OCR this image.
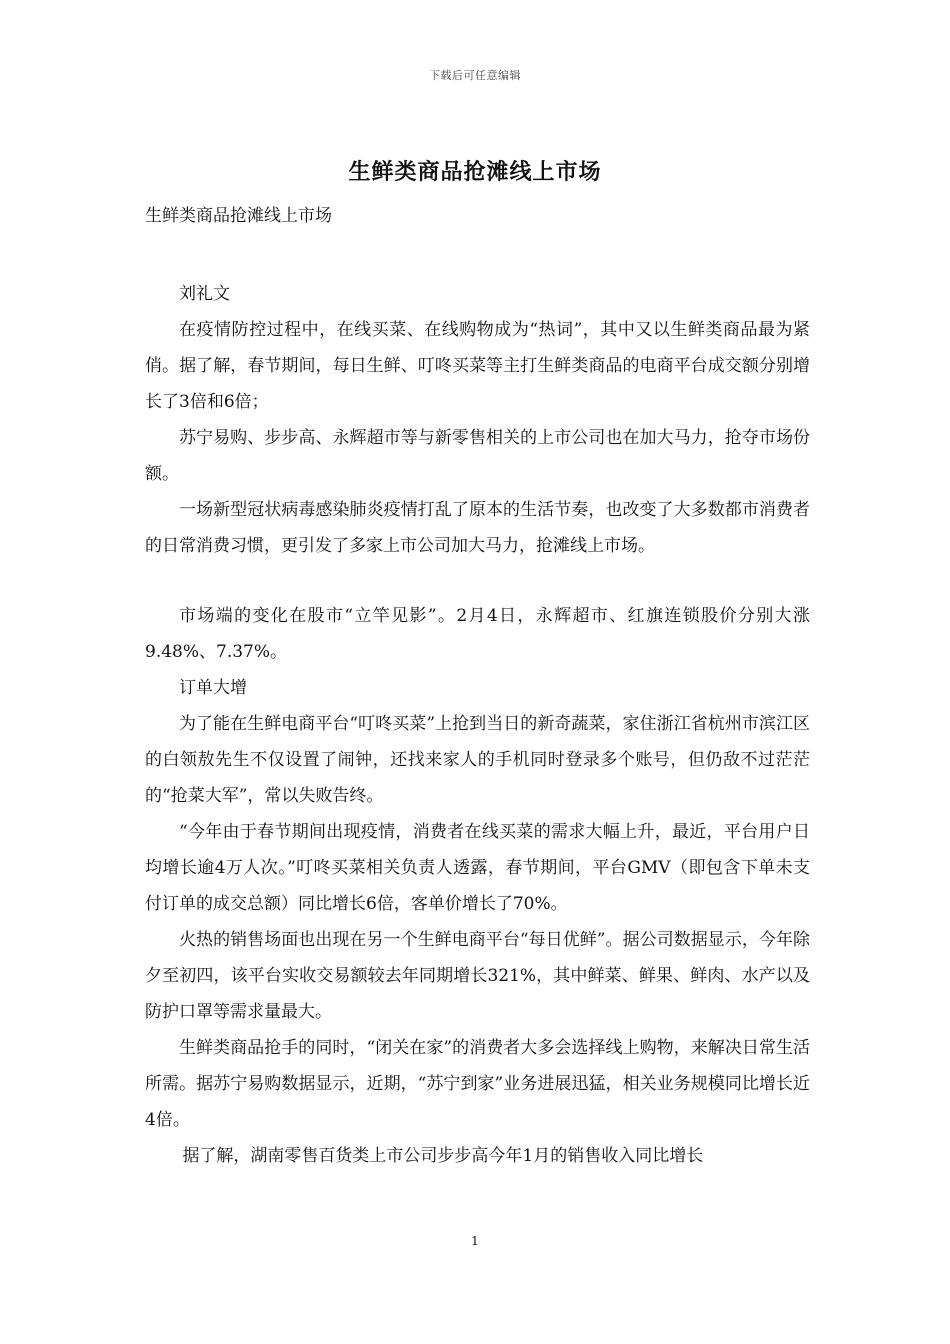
下载后可任意编辑
生鲜类商品抢滩线上市场
生鲜类商品抢滩线上市场

刘礼文

在疫情防控过程中，在线买菜、在线购物成为“热词”，其中又以生鲜类商品最为紧俏。据了解，春节期间，每日生鲜、叮咚买菜等主打生鲜类商品的电商平台成交额分别增长了3倍和6倍；

苏宁易购、步步高、永辉超市等与新零售相关的上市公司也在加大马力，抢夺市场份额。

一场新型冠状病毒感染肺炎疫情打乱了原本的生活节奏，也改变了大多数都市消费者的日常消费习惯，更引发了多家上市公司加大马力，抢滩线上市场。

市场端的变化在股市“立竿见影”。2月4日，永辉超市、红旗连锁股价分别大涨9.48%、7.37%。

订单大增

为了能在生鲜电商平台“叮咚买菜”上抢到当日的新奇蔬菜，家住浙江省杭州市滨江区的白领敖先生不仅设置了闹钟，还找来家人的手机同时登录多个账号，但仍敌不过茫茫的“抢菜大军”，常以失败告终。

“今年由于春节期间出现疫情，消费者在线买菜的需求大幅上升，最近，平台用户日均增长逾4万人次。”叮咚买菜相关负责人透露，春节期间，平台GMV（即包含下单未支付订单的成交总额）同比增长6倍，客单价增长了70%。

火热的销售场面也出现在另一个生鲜电商平台“每日优鲜”。据公司数据显示，今年除夕至初四，该平台实收交易额较去年同期增长321%，其中鲜菜、鲜果、鲜肉、水产以及防护口罩等需求量最大。

生鲜类商品抢手的同时，“闭关在家”的消费者大多会选择线上购物，来解决日常生活所需。据苏宁易购数据显示，近期，“苏宁到家”业务进展迅猛，相关业务规模同比增长近4倍。

据了解，湖南零售百货类上市公司步步高今年1月的销售收入同比增长

1
